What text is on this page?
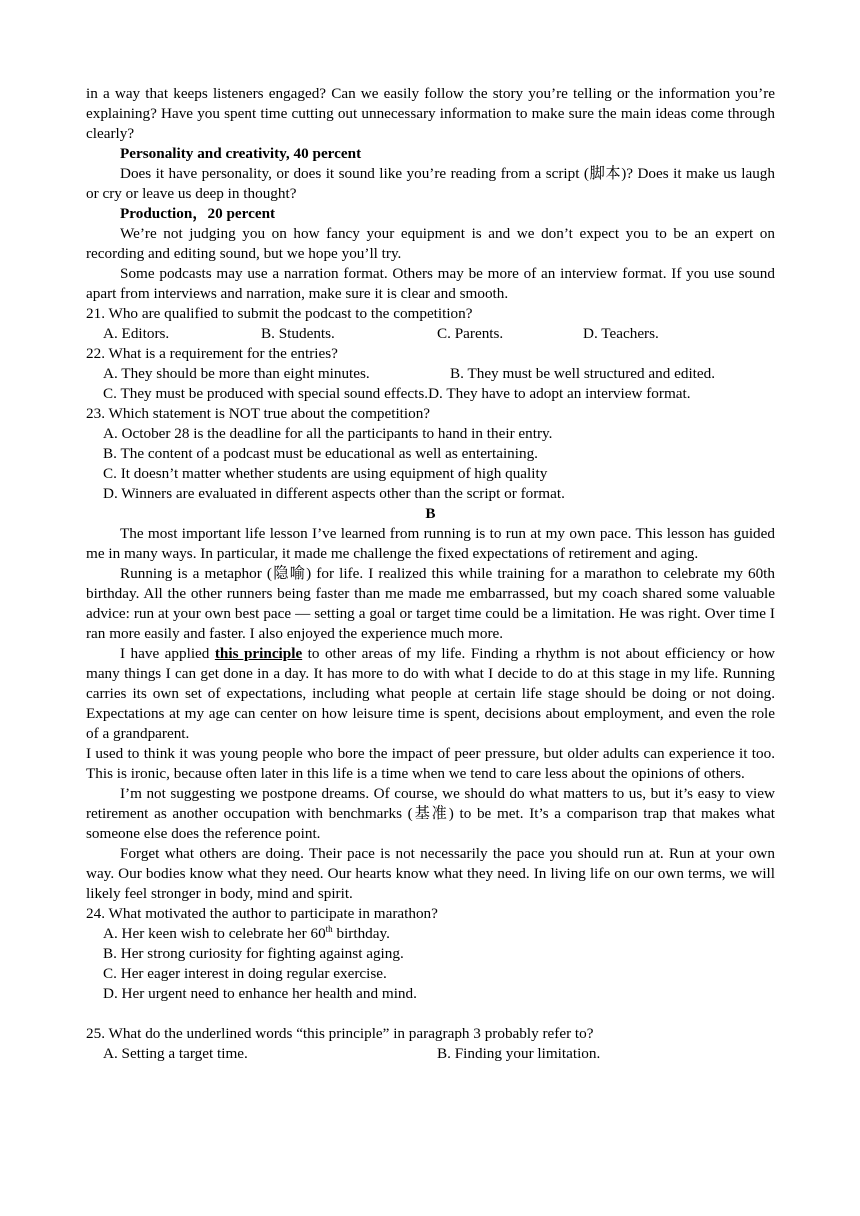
in a way that keeps listeners engaged? Can we easily follow the story you’re telling or the information you’re explaining? Have you spent time cutting out unnecessary information to make sure the main ideas come through clearly?

Personality and creativity, 40 percent

Does it have personality, or does it sound like you’re reading from a script (脚本)? Does it make us laugh or cry or leave us deep in thought?

Production，20 percent

We’re not judging you on how fancy your equipment is and we don’t expect you to be an expert on recording and editing sound, but we hope you’ll try.

Some podcasts may use a narration format. Others may be more of an interview format. If you use sound apart from interviews and narration, make sure it is clear and smooth.

21. Who are qualified to submit the podcast to the competition?

A. Editors.	B. Students.	C. Parents.	D. Teachers.

22. What is a requirement for the entries?

A. They should be more than eight minutes.	B. They must be well structured and edited.
C. They must be produced with special sound effects. D. They have to adopt an interview format.

23. Which statement is NOT true about the competition?

A. October 28 is the deadline for all the participants to hand in their entry.

B. The content of a podcast must be educational as well as entertaining.

C. It doesn’t matter whether students are using equipment of high quality

D. Winners are evaluated in different aspects other than the script or format.

B

The most important life lesson I’ve learned from running is to run at my own pace. This lesson has guided me in many ways. In particular, it made me challenge the fixed expectations of retirement and aging.

Running is a metaphor (隐喻) for life. I realized this while training for a marathon to celebrate my 60th birthday. All the other runners being faster than me made me embarrassed, but my coach shared some valuable advice: run at your own best pace — setting a goal or target time could be a limitation. He was right. Over time I ran more easily and faster. I also enjoyed the experience much more.

I have applied this principle to other areas of my life. Finding a rhythm is not about efficiency or how many things I can get done in a day. It has more to do with what I decide to do at this stage in my life. Running carries its own set of expectations, including what people at certain life stage should be doing or not doing. Expectations at my age can center on how leisure time is spent, decisions about employment, and even the role of a grandparent.

I used to think it was young people who bore the impact of peer pressure, but older adults can experience it too. This is ironic, because often later in this life is a time when we tend to care less about the opinions of others.

I’m not suggesting we postpone dreams. Of course, we should do what matters to us, but it’s easy to view retirement as another occupation with benchmarks (基准) to be met. It’s a comparison trap that makes what someone else does the reference point.

Forget what others are doing. Their pace is not necessarily the pace you should run at. Run at your own way. Our bodies know what they need. Our hearts know what they need. In living life on our own terms, we will likely feel stronger in body, mind and spirit.

24. What motivated the author to participate in marathon?

A. Her keen wish to celebrate her 60th birthday.

B. Her strong curiosity for fighting against aging.

C. Her eager interest in doing regular exercise.

D. Her urgent need to enhance her health and mind.

25. What do the underlined words “this principle” in paragraph 3 probably refer to?

A. Setting a target time.	B. Finding your limitation.
